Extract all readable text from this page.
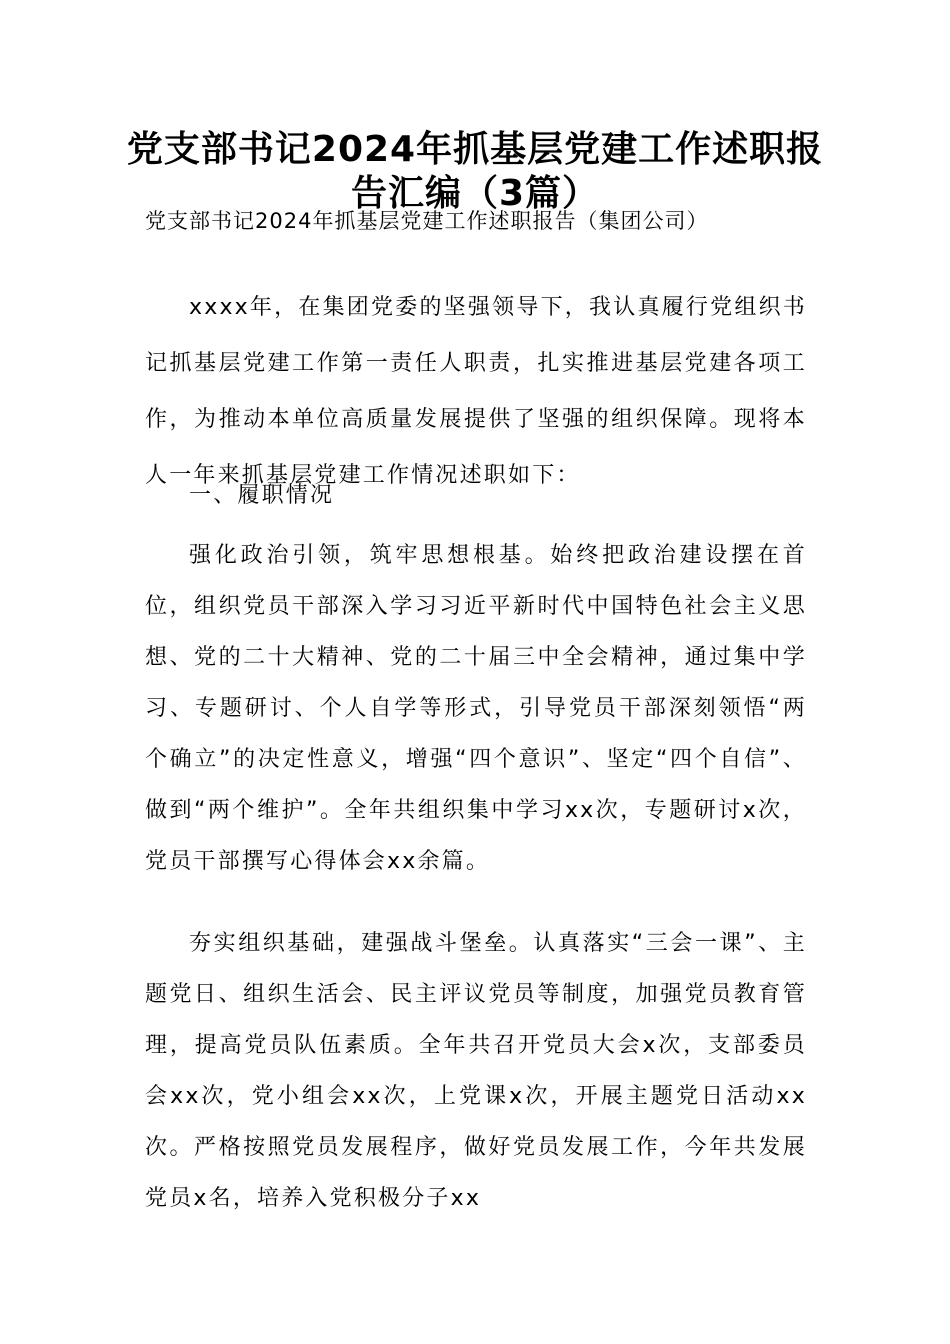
党支部书记2024年抓基层党建工作述职报告汇编（3篇）

党支部书记2024年抓基层党建工作述职报告（集团公司）

xxxx年，在集团党委的坚强领导下，我认真履行党组织书记抓基层党建工作第一责任人职责，扎实推进基层党建各项工作，为推动本单位高质量发展提供了坚强的组织保障。现将本人一年来抓基层党建工作情况述职如下：

一、履职情况

强化政治引领，筑牢思想根基。始终把政治建设摆在首位，组织党员干部深入学习习近平新时代中国特色社会主义思想、党的二十大精神、党的二十届三中全会精神，通过集中学习、专题研讨、个人自学等形式，引导党员干部深刻领悟“两个确立”的决定性意义，增强“四个意识”、坚定“四个自信”、做到“两个维护”。全年共组织集中学习xx次，专题研讨x次，党员干部撰写心得体会xx余篇。

夯实组织基础，建强战斗堡垒。认真落实“三会一课”、主题党日、组织生活会、民主评议党员等制度，加强党员教育管理，提高党员队伍素质。全年共召开党员大会x次，支部委员会xx次，党小组会xx次，上党课x次，开展主题党日活动xx次。严格按照党员发展程序，做好党员发展工作，今年共发展党员x名，培养入党积极分子xx
